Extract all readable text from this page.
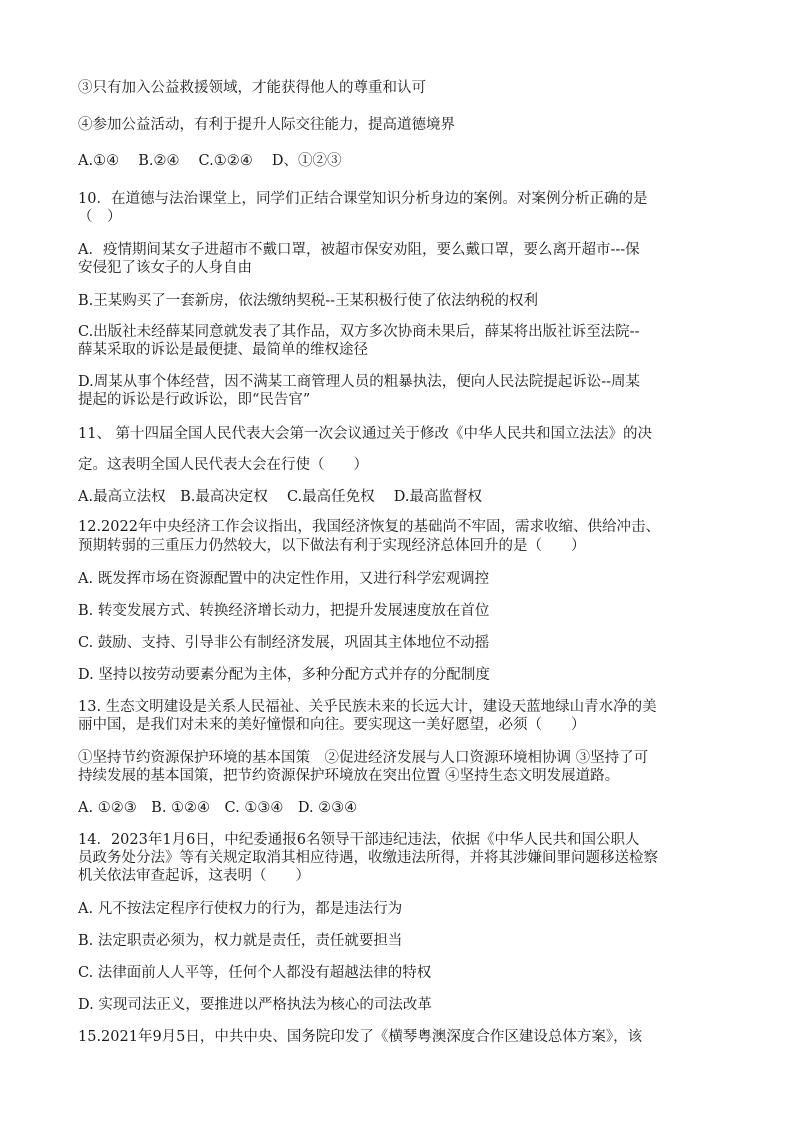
③只有加入公益救援领域，才能获得他人的尊重和认可
④参加公益活动，有利于提升人际交往能力，提高道德境界
A.①④　 B.②④　 C.①②④　 D、①②③
10．在道德与法治课堂上，同学们正结合课堂知识分析身边的案例。对案例分析正确的是
（　）
A．疫情期间某女子进超市不戴口罩，被超市保安劝阻，要么戴口罩，要么离开超市---保
安侵犯了该女子的人身自由
B.王某购买了一套新房，依法缴纳契税--王某积极行使了依法纳税的权利
C.出版社未经薛某同意就发表了其作品，双方多次协商未果后，薛某将出版社诉至法院--
薛某采取的诉讼是最便捷、最简单的维权途径
D.周某从事个体经营，因不满某工商管理人员的粗暴执法，便向人民法院提起诉讼--周某
提起的诉讼是行政诉讼，即“民告官”
11、 第十四届全国人民代表大会第一次会议通过关于修改《中华人民共和国立法法》的决
定。这表明全国人民代表大会在行使（　　）
A.最高立法权　B.最高决定权　 C.最高任免权　 D.最高监督权
12.2022年中央经济工作会议指出，我国经济恢复的基础尚不牢固，需求收缩、供给冲击、
预期转弱的三重压力仍然较大，以下做法有利于实现经济总体回升的是（　　）
A. 既发挥市场在资源配置中的决定性作用，又进行科学宏观调控
B. 转变发展方式、转换经济增长动力，把提升发展速度放在首位
C. 鼓励、支持、引导非公有制经济发展，巩固其主体地位不动摇
D. 坚持以按劳动要素分配为主体，多种分配方式并存的分配制度
13. 生态文明建设是关系人民福祉、关乎民族未来的长远大计，建设天蓝地绿山青水净的美
丽中国，是我们对未来的美好憧憬和向往。要实现这一美好愿望，必须（　　）
①坚持节约资源保护环境的基本国策　②促进经济发展与人口资源环境相协调 ③坚持了可
持续发展的基本国策，把节约资源保护环境放在突出位置 ④坚持生态文明发展道路。
A. ①②③　B. ①②④　C. ①③④　D. ②③④
14．2023年1月6日，中纪委通报6名领导干部违纪违法，依据《中华人民共和国公职人
员政务处分法》等有关规定取消其相应待遇，收缴违法所得，并将其涉嫌间罪问题移送检察
机关依法审查起诉，这表明（　　）
A. 凡不按法定程序行使权力的行为，都是违法行为
B. 法定职责必须为，权力就是责任，责任就要担当
C. 法律面前人人平等，任何个人都没有超越法律的特权
D. 实现司法正义，要推进以严格执法为核心的司法改革
15.2021年9月5日，中共中央、国务院印发了《横琴粤澳深度合作区建设总体方案》，该
